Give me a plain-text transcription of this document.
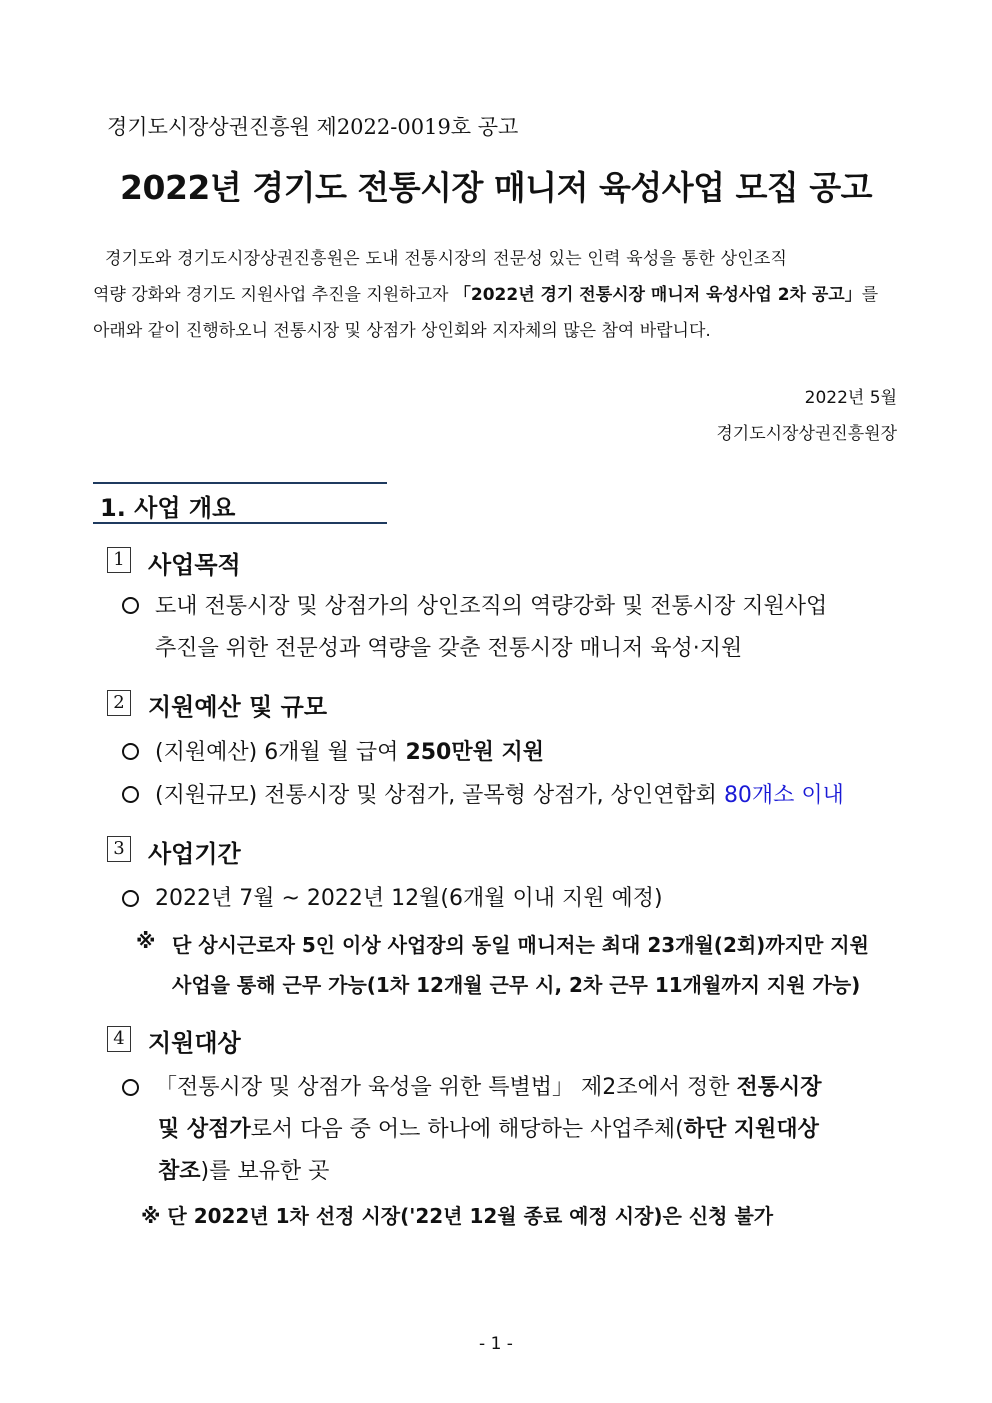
경기도시장상권진흥원 제2022-0019호 공고
2022년 경기도 전통시장 매니저 육성사업 모집 공고

경기도와 경기도시장상권진흥원은 도내 전통시장의 전문성 있는 인력 육성을 통한 상인조직

역량 강화와 경기도 지원사업 추진을 지원하고자 「2022년 경기 전통시장 매니저 육성사업 2차 공고」를

아래와 같이 진행하오니 전통시장 및 상점가 상인회와 지자체의 많은 참여 바랍니다.

2022년 5월
경기도시장상권진흥원장
1. 사업 개요
1 사업목적
도내 전통시장 및 상점가의 상인조직의 역량강화 및 전통시장 지원사업
추진을 위한 전문성과 역량을 갖춘 전통시장 매니저 육성·지원
2 지원예산 및 규모
(지원예산) 6개월 월 급여 250만원 지원
(지원규모) 전통시장 및 상점가, 골목형 상점가, 상인연합회 80개소 이내
3 사업기간
2022년 7월 ~ 2022년 12월(6개월 이내 지원 예정)
※ 단 상시근로자 5인 이상 사업장의 동일 매니저는 최대 23개월(2회)까지만 지원
사업을 통해 근무 가능(1차 12개월 근무 시, 2차 근무 11개월까지 지원 가능)
4 지원대상
「전통시장 및 상점가 육성을 위한 특별법」 제2조에서 정한 전통시장
및 상점가로서 다음 중 어느 하나에 해당하는 사업주체(하단 지원대상
참조)를 보유한 곳
※ 단 2022년 1차 선정 시장('22년 12월 종료 예정 시장)은 신청 불가
- 1 -
